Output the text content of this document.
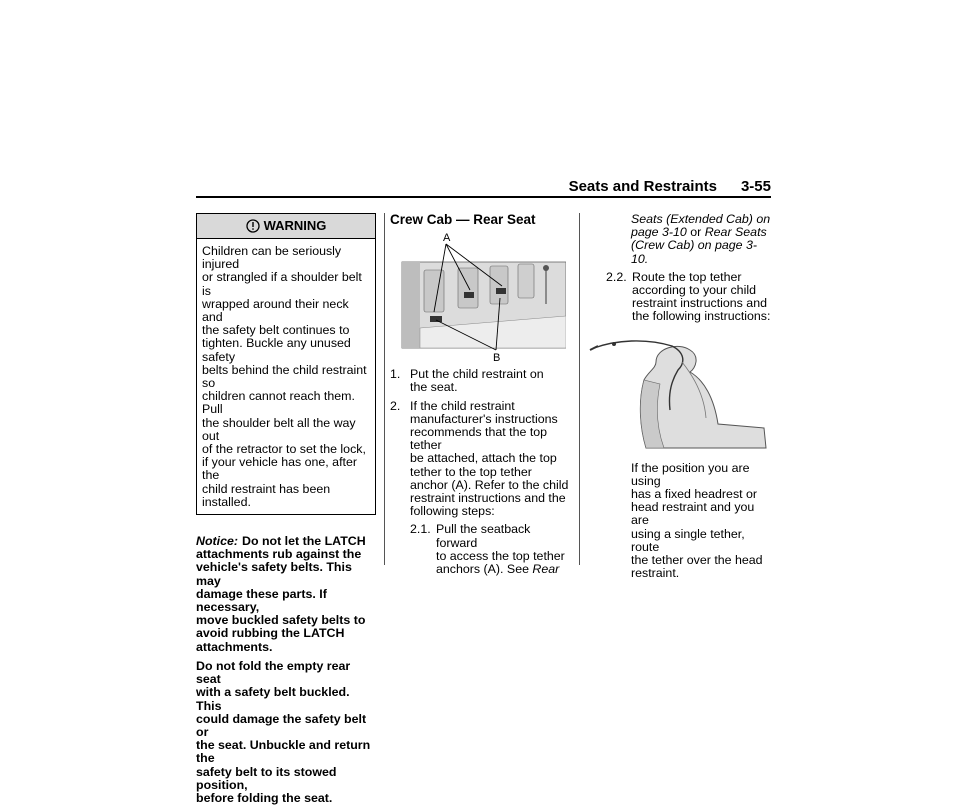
Seats and Restraints 3-55
WARNING

Children can be seriously injured

or strangled if a shoulder belt is

wrapped around their neck and

the safety belt continues to

tighten. Buckle any unused safety

belts behind the child restraint so

children cannot reach them. Pull

the shoulder belt all the way out

of the retractor to set the lock,

if your vehicle has one, after the

child restraint has been installed.

Notice: Do not let the LATCH

attachments rub against the

vehicle's safety belts. This may

damage these parts. If necessary,

move buckled safety belts to

avoid rubbing the LATCH

attachments.

Do not fold the empty rear seat

with a safety belt buckled. This

could damage the safety belt or

the seat. Unbuckle and return the

safety belt to its stowed position,

before folding the seat.

Crew Cab — Rear Seat
A
B
1. Put the child restraint on

the seat.

2. If the child restraint

manufacturer's instructions

recommends that the top tether

be attached, attach the top

tether to the top tether

anchor (A). Refer to the child

restraint instructions and the

following steps:

2.1. Pull the seatback forward

to access the top tether

anchors (A). See Rear

Seats (Extended Cab) on

page 3-10 or Rear Seats

(Crew Cab) on page 3-10.

2.2. Route the top tether

according to your child

restraint instructions and

the following instructions:

If the position you are using

has a fixed headrest or

head restraint and you are

using a single tether, route

the tether over the head

restraint.
